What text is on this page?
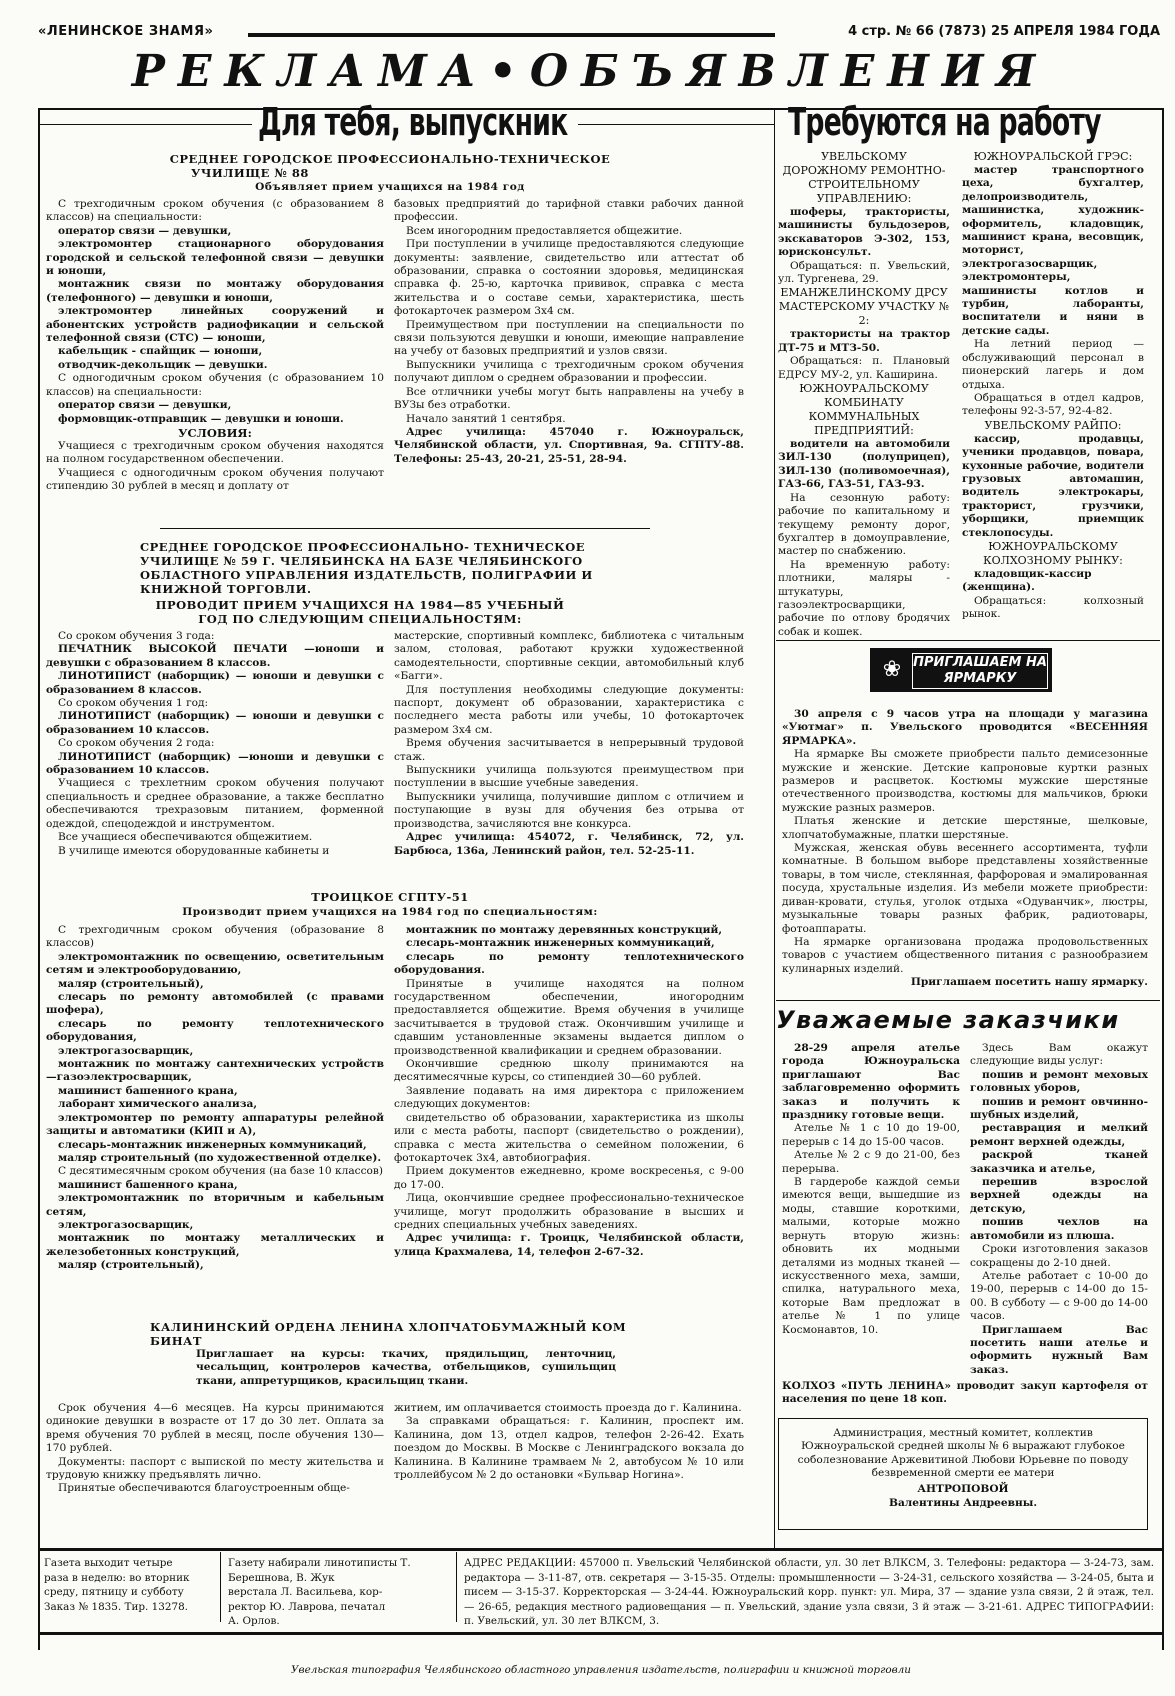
«ЛЕНИНСКОЕ ЗНАМЯ»	4 стр. № 66 (7873) 25 АПРЕЛЯ 1984 ГОДА
РЕКЛАМА•ОБЪЯВЛЕНИЯ
Для тебя, выпускник
СРЕДНЕЕ ГОРОДСКОЕ ПРОФЕССИОНАЛЬНО-ТЕХНИЧЕСКОЕ
УЧИЛИЩЕ № 88
Объявляет прием учащихся на 1984 год

С трехгодичным сроком обучения (с образованием 8 классов) на специальности:

оператор связи — девушки,

электромонтер стационарного оборудования городской и сельской телефонной связи — девушки и юноши,

монтажник связи по монтажу оборудования (телефонного) — девушки и юноши,

электромонтер линейных сооружений и абонентских устройств радиофикации и сельской телефонной связи (СТС) — юноши,

кабельщик - спайщик — юноши,

отводчик-декольщик — девушки.

С одногодичным сроком обучения (с образованием 10 классов) на специальности:

оператор связи — девушки,

формовщик-отправщик — девушки и юноши.

УСЛОВИЯ:

Учащиеся с трехгодичным сроком обучения находятся на полном государственном обеспечении.

Учащиеся с одногодичным сроком обучения получают стипендию 30 рублей в месяц и доплату от

базовых предприятий до тарифной ставки рабочих данной профессии.

Всем иногородним предоставляется общежитие.

При поступлении в училище предоставляются следующие документы: заявление, свидетельство или аттестат об образовании, справка о состоянии здоровья, медицинская справка ф. 25-ю, карточка прививок, справка с места жительства и о составе семьи, характеристика, шесть фотокарточек размером 3х4 см.

Преимуществом при поступлении на специальности по связи пользуются девушки и юноши, имеющие направление на учебу от базовых предприятий и узлов связи.

Выпускники училища с трехгодичным сроком обучения получают диплом о среднем образовании и профессии.

Все отличники учебы могут быть направлены на учебу в ВУЗы без отработки.

Начало занятий 1 сентября.

Адрес училища: 457040 г. Южноуральск, Челябинской области, ул. Спортивная, 9а. СГПТУ-88. Телефоны: 25-43, 20-21, 25-51, 28-94.

СРЕДНЕЕ ГОРОДСКОЕ ПРОФЕССИОНАЛЬНО- ТЕХНИЧЕСКОЕ УЧИЛИЩЕ № 59 Г. ЧЕЛЯБИНСКА НА БАЗЕ ЧЕЛЯБИНСКОГО ОБЛАСТНОГО УПРАВЛЕНИЯ ИЗДАТЕЛЬСТВ, ПОЛИГРАФИИ И КНИЖНОЙ ТОРГОВЛИ.
ПРОВОДИТ ПРИЕМ УЧАЩИХСЯ НА 1984—85 УЧЕБНЫЙ ГОД ПО СЛЕДУЮЩИМ СПЕЦИАЛЬНОСТЯМ:

Со сроком обучения 3 года:

ПЕЧАТНИК ВЫСОКОЙ ПЕЧАТИ —юноши и девушки с образованием 8 классов.

ЛИНОТИПИСТ (наборщик) — юноши и девушки с образованием 8 классов.

Со сроком обучения 1 год:

ЛИНОТИПИСТ (наборщик) — юноши и девушки с образованием 10 классов.

Со сроком обучения 2 года:

ЛИНОТИПИСТ (наборщик) —юноши и девушки с образованием 10 классов.

Учащиеся с трехлетним сроком обучения получают специальность и среднее образование, а также бесплатно обеспечиваются трехразовым питанием, форменной одеждой, спецодеждой и инструментом.

Все учащиеся обеспечиваются общежитием.

В училище имеются оборудованные кабинеты и

мастерские, спортивный комплекс, библиотека с читальным залом, столовая, работают кружки художественной самодеятельности, спортивные секции, автомобильный клуб «Багги».

Для поступления необходимы следующие документы: паспорт, документ об образовании, характеристика с последнего места работы или учебы, 10 фотокарточек размером 3х4 см.

Время обучения засчитывается в непрерывный трудовой стаж.

Выпускники училища пользуются преимуществом при поступлении в высшие учебные заведения.

Выпускники училища, получившие диплом с отличием и поступающие в вузы для обучения без отрыва от производства, зачисляются вне конкурса.

Адрес училища: 454072, г. Челябинск, 72, ул. Барбюса, 136а, Ленинский район, тел. 52-25-11.

ТРОИЦКОЕ СГПТУ-51
Производит прием учащихся на 1984 год по специальностям:

С трехгодичным сроком обучения (образование 8 классов)

электромонтажник по освещению, осветительным сетям и электрооборудованию,

маляр (строительный),

слесарь по ремонту автомобилей (с правами шофера),

слесарь по ремонту теплотехнического оборудования,

электрогазосварщик,

монтажник по монтажу сантехнических устройств —газоэлектросварщик,

машинист башенного крана,

лаборант химического анализа,

электромонтер по ремонту аппаратуры релейной защиты и автоматики (КИП и А),

слесарь-монтажник инженерных коммуникаций,

маляр строительный (по художественной отделке).

С десятимесячным сроком обучения (на базе 10 классов)

машинист башенного крана,

электромонтажник по вторичным и кабельным сетям,

электрогазосварщик,

монтажник по монтажу металлических и железобетонных конструкций,

маляр (строительный),

монтажник по монтажу деревянных конструкций,

слесарь-монтажник инженерных коммуникаций,

слесарь по ремонту теплотехнического оборудования.

Принятые в училище находятся на полном государственном обеспечении, иногородним предоставляется общежитие. Время обучения в училище засчитывается в трудовой стаж. Окончившим училище и сдавшим установленные экзамены выдается диплом о производственной квалификации и среднем образовании.

Окончившие среднюю школу принимаются на десятимесячные курсы, со стипендией 30—60 рублей.

Заявление подавать на имя директора с приложением следующих документов:

свидетельство об образовании, характеристика из школы или с места работы, паспорт (свидетельство о рождении), справка с места жительства о семейном положении, 6 фотокарточек 3х4, автобиография.

Прием документов ежедневно, кроме воскресенья, с 9-00 до 17-00.

Лица, окончившие среднее профессионально-техническое училище, могут продолжить образование в высших и средних специальных учебных заведениях.

Адрес училища: г. Троицк, Челябинской области, улица Крахмалева, 14, телефон 2-67-32.

КАЛИНИНСКИЙ ОРДЕНА ЛЕНИНА ХЛОПЧАТОБУМАЖНЫЙ КОМ
БИНАТ
Приглашает на курсы: ткачих, прядильщиц, ленточниц, чесальщиц, контролеров качества, отбельщиков, сушильщиц ткани, аппретурщиков, красильщиц ткани.

Срок обучения 4—6 месяцев. На курсы принимаются одинокие девушки в возрасте от 17 до 30 лет. Оплата за время обучения 70 рублей в месяц, после обучения 130—170 рублей.

Документы: паспорт с выпиской по месту жительства и трудовую книжку предъявлять лично.

Принятые обеспечиваются благоустроенным обще-

житием, им оплачивается стоимость проезда до г. Калинина.

За справками обращаться: г. Калинин, проспект им. Калинина, дом 13, отдел кадров, телефон 2-26-42. Ехать поездом до Москвы. В Москве с Ленинградского вокзала до Калинина. В Калинине трамваем № 2, автобусом № 10 или троллейбусом № 2 до остановки «Бульвар Ногина».

Требуются на работу

УВЕЛЬСКОМУ ДОРОЖНОМУ РЕМОНТНО-СТРОИТЕЛЬНОМУ УПРАВЛЕНИЮ:

шоферы, трактористы, машинисты бульдозеров, экскаваторов Э-302, 153, юрисконсульт.

Обращаться: п. Увельский, ул. Тургенева, 29.

ЕМАНЖЕЛИНСКОМУ ДРСУ МАСТЕРСКОМУ УЧАСТКУ № 2:

трактористы на трактор ДТ-75 и МТЗ-50.

Обращаться: п. Плановый ЕДРСУ МУ-2, ул. Каширина.

ЮЖНОУРАЛЬСКОМУ КОМБИНАТУ КОММУНАЛЬНЫХ ПРЕДПРИЯТИЙ:

водители на автомобили ЗИЛ-130 (полуприцеп), ЗИЛ-130 (поливомоечная), ГАЗ-66, ГАЗ-51, ГАЗ-93.

На сезонную работу: рабочие по капитальному и текущему ремонту дорог, бухгалтер в домоуправление, мастер по снабжению.

На временную работу: плотники, маляры - штукатуры, газоэлектросварщики, рабочие по отлову бродячих собак и кошек.

ЮЖНОУРАЛЬСКОЙ ГРЭС:

мастер транспортного цеха, бухгалтер, делопроизводитель, машинистка, художник- оформитель, кладовщик, машинист крана, весовщик, моторист, электрогазосварщик, электромонтеры, машинисты котлов и турбин, лаборанты, воспитатели и няни в детские сады.

На летний период —обслуживающий персонал в пионерский лагерь и дом отдыха.

Обращаться в отдел кадров, телефоны 92-3-57, 92-4-82.

УВЕЛЬСКОМУ РАЙПО:

кассир, продавцы, ученики продавцов, повара, кухонные рабочие, водители грузовых автомашин, водитель электрокары, тракторист, грузчики, уборщики, приемщик стеклопосуды.

ЮЖНОУРАЛЬСКОМУ КОЛХОЗНОМУ РЫНКУ:

кладовщик-кассир (женщина).

Обращаться: колхозный рынок.

❀ ПРИГЛАШАЕМ НА ЯРМАРКУ

30 апреля с 9 часов утра на площади у магазина «Уютмаг» п. Увельского проводится «ВЕСЕННЯЯ ЯРМАРКА».

На ярмарке Вы сможете приобрести пальто демисезонные мужские и женские. Детские капроновые куртки разных размеров и расцветок. Костюмы мужские шерстяные отечественного производства, костюмы для мальчиков, брюки мужские разных размеров.

Платья женские и детские шерстяные, шелковые, хлопчатобумажные, платки шерстяные.

Мужская, женская обувь весеннего ассортимента, туфли комнатные. В большом выборе представлены хозяйственные товары, в том числе, стеклянная, фарфоровая и эмалированная посуда, хрустальные изделия. Из мебели можете приобрести: диван-кровати, стулья, уголок отдыха «Одуванчик», люстры, музыкальные товары разных фабрик, радиотовары, фотоаппараты.

На ярмарке организована продажа продовольственных товаров с участием общественного питания с разнообразием кулинарных изделий.

Приглашаем посетить нашу ярмарку.

Уважаемые заказчики

28-29 апреля ателье города Южноуральска приглашают Вас заблаговременно оформить заказ и получить к празднику готовые вещи.

Ателье № 1 с 10 до 19-00, перерыв с 14 до 15-00 часов.

Ателье № 2 с 9 до 21-00, без перерыва.

В гардеробе каждой семьи имеются вещи, вышедшие из моды, ставшие короткими, малыми, которые можно вернуть вторую жизнь: обновить их модными деталями из модных тканей — искусственного меха, замши, спилка, натурального меха, которые Вам предложат в ателье № 1 по улице Космонавтов, 10.

Здесь Вам окажут следующие виды услуг:

пошив и ремонт меховых головных уборов,

пошив и ремонт овчинно-шубных изделий,

реставрация и мелкий ремонт верхней одежды,

раскрой тканей заказчика и ателье,

перешив взрослой верхней одежды на детскую,

пошив чехлов на автомобили из плюша.

Сроки изготовления заказов сокращены до 2-10 дней.

Ателье работает с 10-00 до 19-00, перерыв с 14-00 до 15-00. В субботу — с 9-00 до 14-00 часов.

Приглашаем Вас посетить наши ателье и оформить нужный Вам заказ.

КОЛХОЗ «ПУТЬ ЛЕНИНА» проводит закуп картофеля от населения по цене 18 коп.
Администрация, местный комитет, коллектив Южноуральской средней школы № 6 выражают глубокое соболезнование Аржевитиной Любови Юрьевне по поводу безвременной смерти ее матери
АНТРОПОВОЙ
Валентины Андреевны.
Газета выходит четыре
раза в неделю: во вторник
среду, пятницу и субботу
Заказ № 1835. Тир. 13278.
Газету набирали линотиписты Т. Берешнова, В. Жук
верстала Л. Васильева, кор-
ректор Ю. Лаврова, печатал
А. Орлов.
АДРЕС РЕДАКЦИИ: 457000 п. Увельский Челябинской области, ул. 30 лет ВЛКСМ, 3. Телефоны: редактора — 3-24-73, зам. редактора — 3-11-87, отв. секретаря — 3-15-35. Отделы: промышленности — 3-24-31, сельского хозяйства — 3-24-05, быта и писем — 3-15-37. Корректорская — 3-24-44. Южноуральский корр. пункт: ул. Мира, 37 — здание узла связи, 2 й этаж, тел. — 26-65, редакция местного радиовещания — п. Увельский, здание узла связи, 3 й этаж — 3-21-61. АДРЕС ТИПОГРАФИИ: п. Увельский, ул. 30 лет ВЛКСМ, 3.
Увельская типография Челябинского областного управления издательств, полиграфии и книжной торговли
